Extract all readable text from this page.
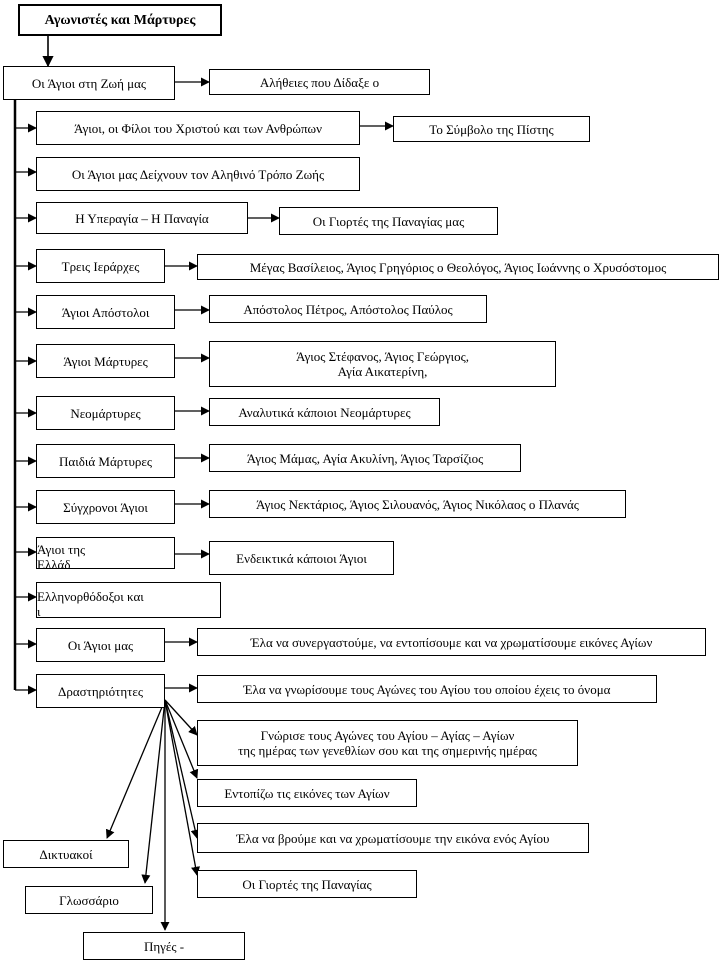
Αγωνιστές και Μάρτυρες
Οι Άγιοι στη Ζωή μας	Αλήθειες που Δίδαξε ο
Άγιοι, οι Φίλοι του Χριστού και των Ανθρώπων	Το Σύμβολο της Πίστης
Οι Άγιοι μας Δείχνουν τον Αληθινό Τρόπο Ζωής
Η Υπεραγία – Η Παναγία	Οι Γιορτές της Παναγίας μας
Τρεις Ιεράρχες	Μέγας Βασίλειος, Άγιος Γρηγόριος ο Θεολόγος, Άγιος Ιωάννης ο Χρυσόστομος
Άγιοι Απόστολοι	Απόστολος Πέτρος, Απόστολος Παύλος
Άγιοι Μάρτυρες	Άγιος Στέφανος, Άγιος Γεώργιος,
Αγία Αικατερίνη,
Νεομάρτυρες	Αναλυτικά κάποιοι Νεομάρτυρες
Παιδιά Μάρτυρες	Άγιος Μάμας, Αγία Ακυλίνη, Άγιος Ταρσίζιος
Σύγχρονοι Άγιοι	Άγιος Νεκτάριος, Άγιος Σιλουανός, Άγιος Νικόλαος ο Πλανάς
Άγιοι της
Ελλάδ	Ενδεικτικά κάποιοι Άγιοι
Ελληνορθόδοξοι και
ι
Οι Άγιοι μας	Έλα να συνεργαστούμε, να εντοπίσουμε και να χρωματίσουμε εικόνες Αγίων
Δραστηριότητες	Έλα να γνωρίσουμε τους Αγώνες του Αγίου του οποίου έχεις το όνομα
Γνώρισε τους Αγώνες του Αγίου – Αγίας – Αγίων
της ημέρας των γενεθλίων σου και της σημερινής ημέρας
Εντοπίζω τις εικόνες των Αγίων
Έλα να βρούμε και να χρωματίσουμε την εικόνα ενός Αγίου
Οι Γιορτές της Παναγίας
Δικτυακοί
Γλωσσάριο
Πηγές -
